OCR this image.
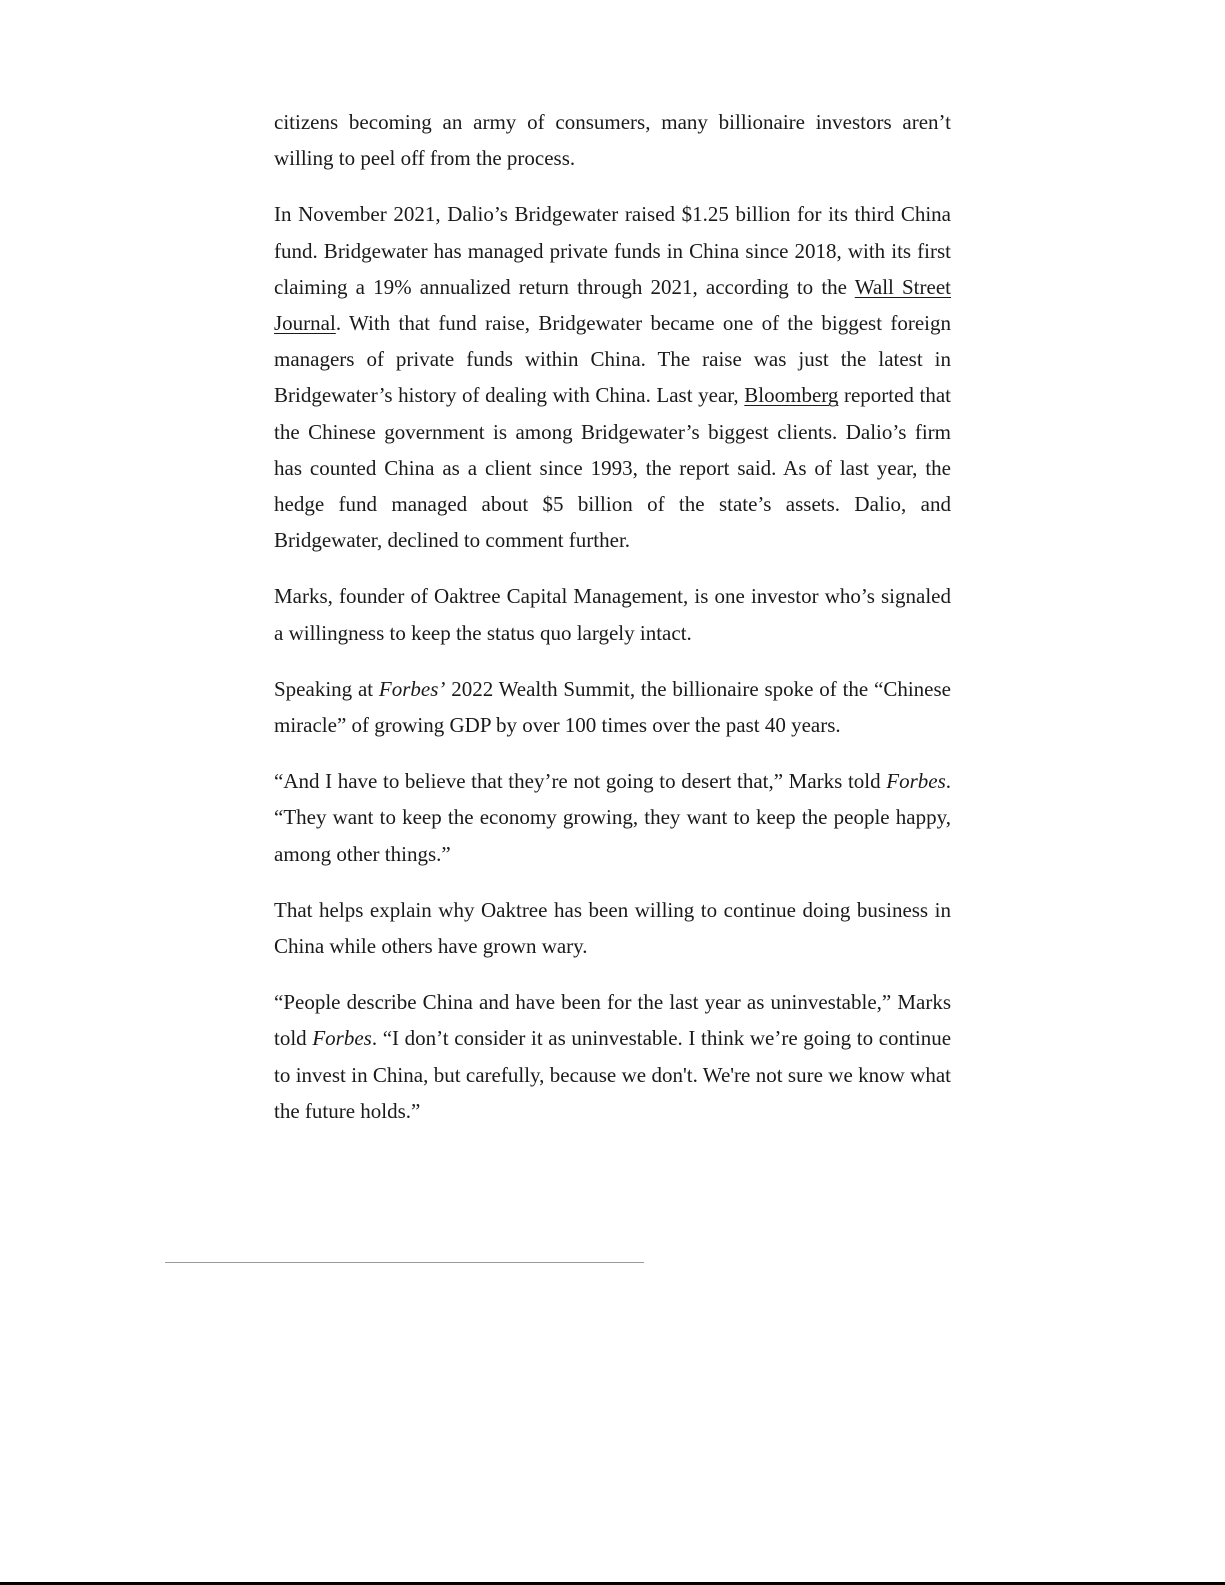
citizens becoming an army of consumers, many billionaire investors aren’t willing to peel off from the process.

In November 2021, Dalio’s Bridgewater raised $1.25 billion for its third China fund. Bridgewater has managed private funds in China since 2018, with its first claiming a 19% annualized return through 2021, according to the Wall Street Journal. With that fund raise, Bridgewater became one of the biggest foreign managers of private funds within China. The raise was just the latest in Bridgewater’s history of dealing with China. Last year, Bloomberg reported that the Chinese government is among Bridgewater’s biggest clients. Dalio’s firm has counted China as a client since 1993, the report said. As of last year, the hedge fund managed about $5 billion of the state’s assets. Dalio, and Bridgewater, declined to comment further.

Marks, founder of Oaktree Capital Management, is one investor who’s signaled a willingness to keep the status quo largely intact.

Speaking at Forbes’ 2022 Wealth Summit, the billionaire spoke of the “Chinese miracle” of growing GDP by over 100 times over the past 40 years.

“And I have to believe that they’re not going to desert that,” Marks told Forbes. “They want to keep the economy growing, they want to keep the people happy, among other things.”

That helps explain why Oaktree has been willing to continue doing business in China while others have grown wary.

“People describe China and have been for the last year as uninvestable,” Marks told Forbes. “I don’t consider it as uninvestable. I think we’re going to continue to invest in China, but carefully, because we don't. We're not sure we know what the future holds.”
